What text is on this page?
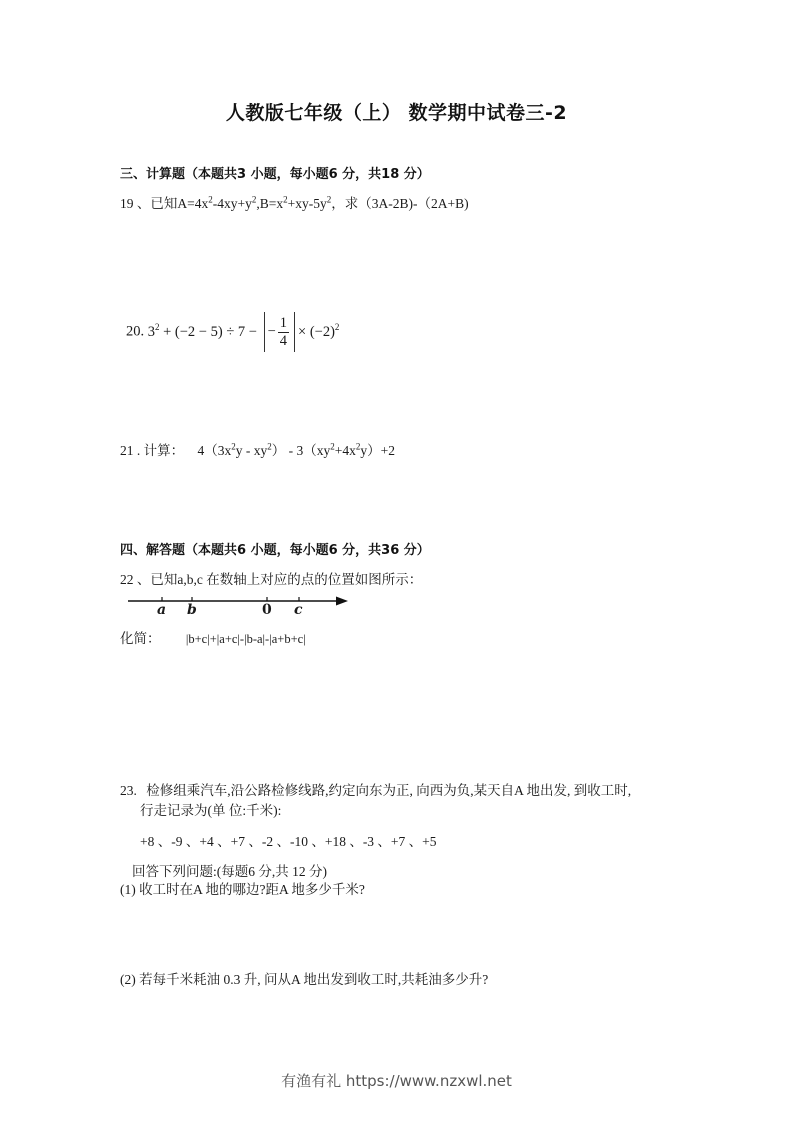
人教版七年级（上） 数学期中试卷三-2
三、计算题（本题共3 小题，每小题6 分，共18 分）
19 、已知$A=4x^2-4xy+y^2,B=x^2+xy-5y^2$，求（3A-2B)-（2A+B)
20. $3^2 + (-2 - 5) \div 7$ − − $\frac{1}{4} \times (-2)^2$
21 . 计算： $4(3x^2y - xy^2) - 3(xy^2+4x^2y)+2$
四、解答题（本题共6 小题，每小题6 分，共36 分）
22 、已知a,b,c 在数轴上对应的点的位置如图所示：
a b	0 c
化简： |b+c|+|a+c|-|b-a|-|a+b+c|
23. 检修组乘汽车,沿公路检修线路,约定向东为正, 向西为负,某天自A 地出发, 到收工时,
行走记录为(单 位:千米):
+8 、-9 、+4 、+7 、-2 、-10 、+18 、-3 、+7 、+5
回答下列问题:(每题6 分,共 12 分)
(1) 收工时在A 地的哪边?距A 地多少千米?
(2) 若每千米耗油 0.3 升, 问从A 地出发到收工时,共耗油多少升?
有渔有礼 https://www.nzxwl.net
